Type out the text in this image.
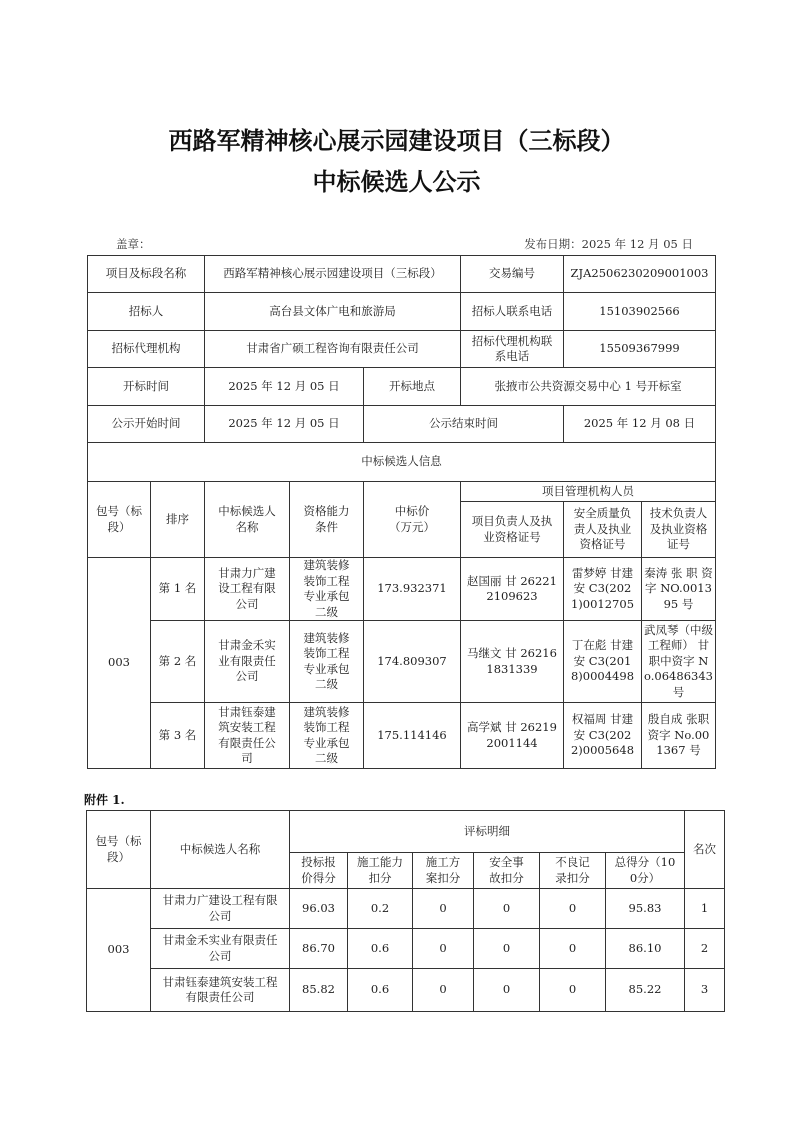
西路军精神核心展示园建设项目（三标段）
中标候选人公示
盖章：	发布日期：2025 年 12 月 05 日
项目及标段名称		西路军精神核心展示园建设项目（三标段）			交易编号	ZJA2506230209001003	
招标人		高台县文体广电和旅游局			招标人联系电话	15103902566	
招标代理机构		甘肃省广硕工程咨询有限责任公司			招标代理机构联系电话	15509367999	
开标时间		2025 年 12 月 05 日		开标地点	张掖市公共资源交易中心 1 号开标室		
公示开始时间		2025 年 12 月 05 日		公示结束时间		2025 年 12 月 08 日	
中标候选人信息							
包号（标段）	排序	中标候选人名称	资格能力条件	中标价（万元）	项目管理机构人员		
					项目负责人及执业资格证号	安全质量负责人及执业资格证号	技术负责人及执业资格证号
003	第 1 名	甘肃力广建设工程有限公司	建筑装修装饰工程专业承包二级	173.932371	赵国丽 甘 262212109623	雷梦婷 甘建安 C3(2021)0012705	秦涛 张 职 资 字 NO.001395 号
	第 2 名	甘肃金禾实业有限责任公司	建筑装修装饰工程专业承包二级	174.809307	马继文 甘 262161831339	丁在彪 甘建安 C3(2018)0004498	武凤琴（中级工程师） 甘职中资字 No.06486343号
	第 3 名	甘肃钰泰建筑安装工程有限责任公司	建筑装修装饰工程专业承包二级	175.114146	高学斌 甘 262192001144	权福周 甘建安 C3(2022)0005648	殷自成 张职资字 No.001367 号
附件 1.
包号（标段）	中标候选人名称	评标明细						名次
		投标报价得分	施工能力扣分	施工方案扣分	安全事故扣分	不良记录扣分	总得分（100分）	
003	甘肃力广建设工程有限公司	96.03	0.2	0	0	0	95.83	1
	甘肃金禾实业有限责任公司	86.70	0.6	0	0	0	86.10	2
	甘肃钰泰建筑安装工程有限责任公司	85.82	0.6	0	0	0	85.22	3
